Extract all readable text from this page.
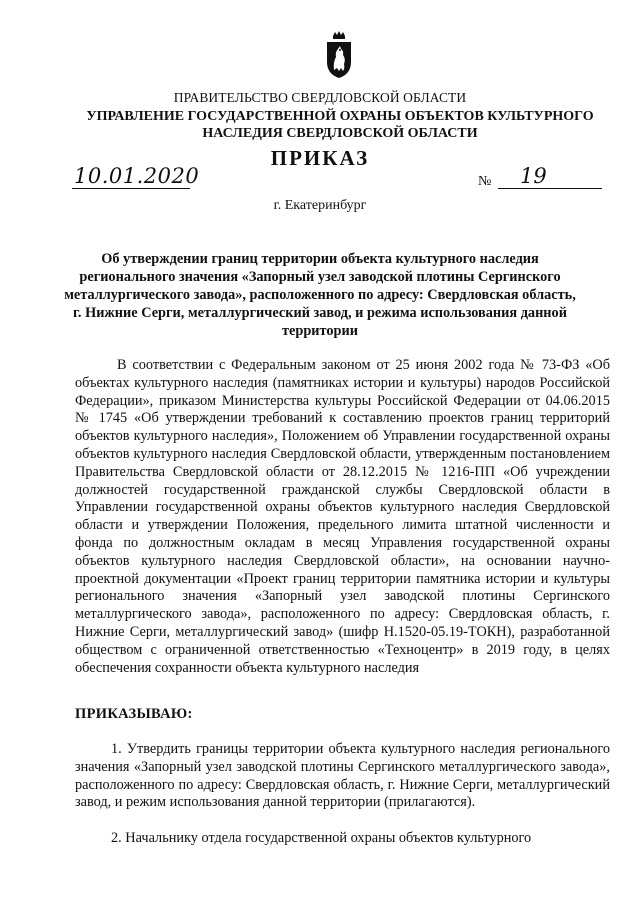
ПРАВИТЕЛЬСТВО СВЕРДЛОВСКОЙ ОБЛАСТИ
УПРАВЛЕНИЕ ГОСУДАРСТВЕННОЙ ОХРАНЫ ОБЪЕКТОВ КУЛЬТУРНОГО НАСЛЕДИЯ СВЕРДЛОВСКОЙ ОБЛАСТИ
ПРИКАЗ
10.01.2020	№ 19
г. Екатеринбург
Об утверждении границ территории объекта культурного наследия регионального значения «Запорный узел заводской плотины Сергинского металлургического завода», расположенного по адресу: Свердловская область, г. Нижние Серги, металлургический завод, и режима использования данной территории
В соответствии с Федеральным законом от 25 июня 2002 года № 73-ФЗ «Об объектах культурного наследия (памятниках истории и культуры) народов Российской Федерации», приказом Министерства культуры Российской Федерации от 04.06.2015 № 1745 «Об утверждении требований к составлению проектов границ территорий объектов культурного наследия», Положением об Управлении государственной охраны объектов культурного наследия Свердловской области, утвержденным постановлением Правительства Свердловской области от 28.12.2015 № 1216-ПП «Об учреждении должностей государственной гражданской службы Свердловской области в Управлении государственной охраны объектов культурного наследия Свердловской области и утверждении Положения, предельного лимита штатной численности и фонда по должностным окладам в месяц Управления государственной охраны объектов культурного наследия Свердловской области», на основании научно-проектной документации «Проект границ территории памятника истории и культуры регионального значения «Запорный узел заводской плотины Сергинского металлургического завода», расположенного по адресу: Свердловская область, г. Нижние Серги, металлургический завод» (шифр Н.1520-05.19-ТОКН), разработанной обществом с ограниченной ответственностью «Техноцентр» в 2019 году, в целях обеспечения сохранности объекта культурного наследия
ПРИКАЗЫВАЮ:
1. Утвердить границы территории объекта культурного наследия регионального значения «Запорный узел заводской плотины Сергинского металлургического завода», расположенного по адресу: Свердловская область, г. Нижние Серги, металлургический завод, и режим использования данной территории (прилагаются).
2. Начальнику отдела государственной охраны объектов культурного
